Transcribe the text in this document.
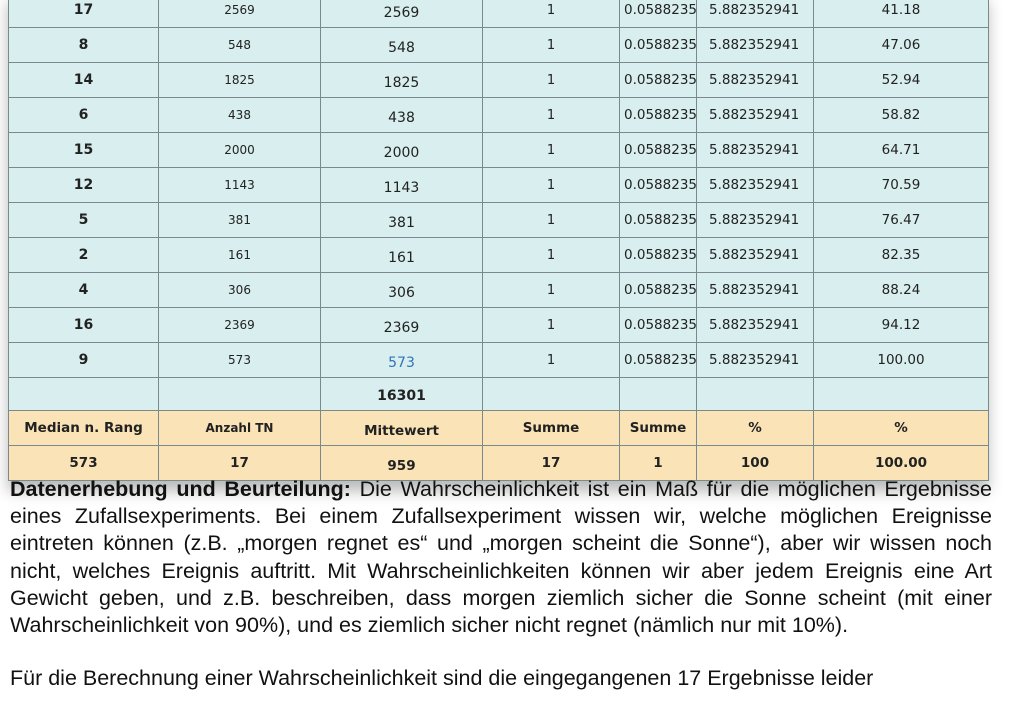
17	2569	2569	1	0.0588235	5.882352941	41.18
8	548	548	1	0.0588235	5.882352941	47.06
14	1825	1825	1	0.0588235	5.882352941	52.94
6	438	438	1	0.0588235	5.882352941	58.82
15	2000	2000	1	0.0588235	5.882352941	64.71
12	1143	1143	1	0.0588235	5.882352941	70.59
5	381	381	1	0.0588235	5.882352941	76.47
2	161	161	1	0.0588235	5.882352941	82.35
4	306	306	1	0.0588235	5.882352941	88.24
16	2369	2369	1	0.0588235	5.882352941	94.12
9	573	573	1	0.0588235	5.882352941	100.00
		16301				
Median n. Rang	Anzahl TN	Mittewert	Summe	Summe	%	%
573	17	959	17	1	100	100.00

Datenerhebung und Beurteilung: Die Wahrscheinlichkeit ist ein Maß für die möglichen Ergebnisse eines Zufallsexperiments. Bei einem Zufallsexperiment wissen wir, welche möglichen Ereignisse eintreten können (z.B. „morgen regnet es“ und „morgen scheint die Sonne“), aber wir wissen noch nicht, welches Ereignis auftritt. Mit Wahrscheinlichkeiten können wir aber jedem Ereignis eine Art Gewicht geben, und z.B. beschreiben, dass morgen ziemlich sicher die Sonne scheint (mit einer Wahrscheinlichkeit von 90%), und es ziemlich sicher nicht regnet (nämlich nur mit 10%).

Für die Berechnung einer Wahrscheinlichkeit sind die eingegangenen 17 Ergebnisse leider
